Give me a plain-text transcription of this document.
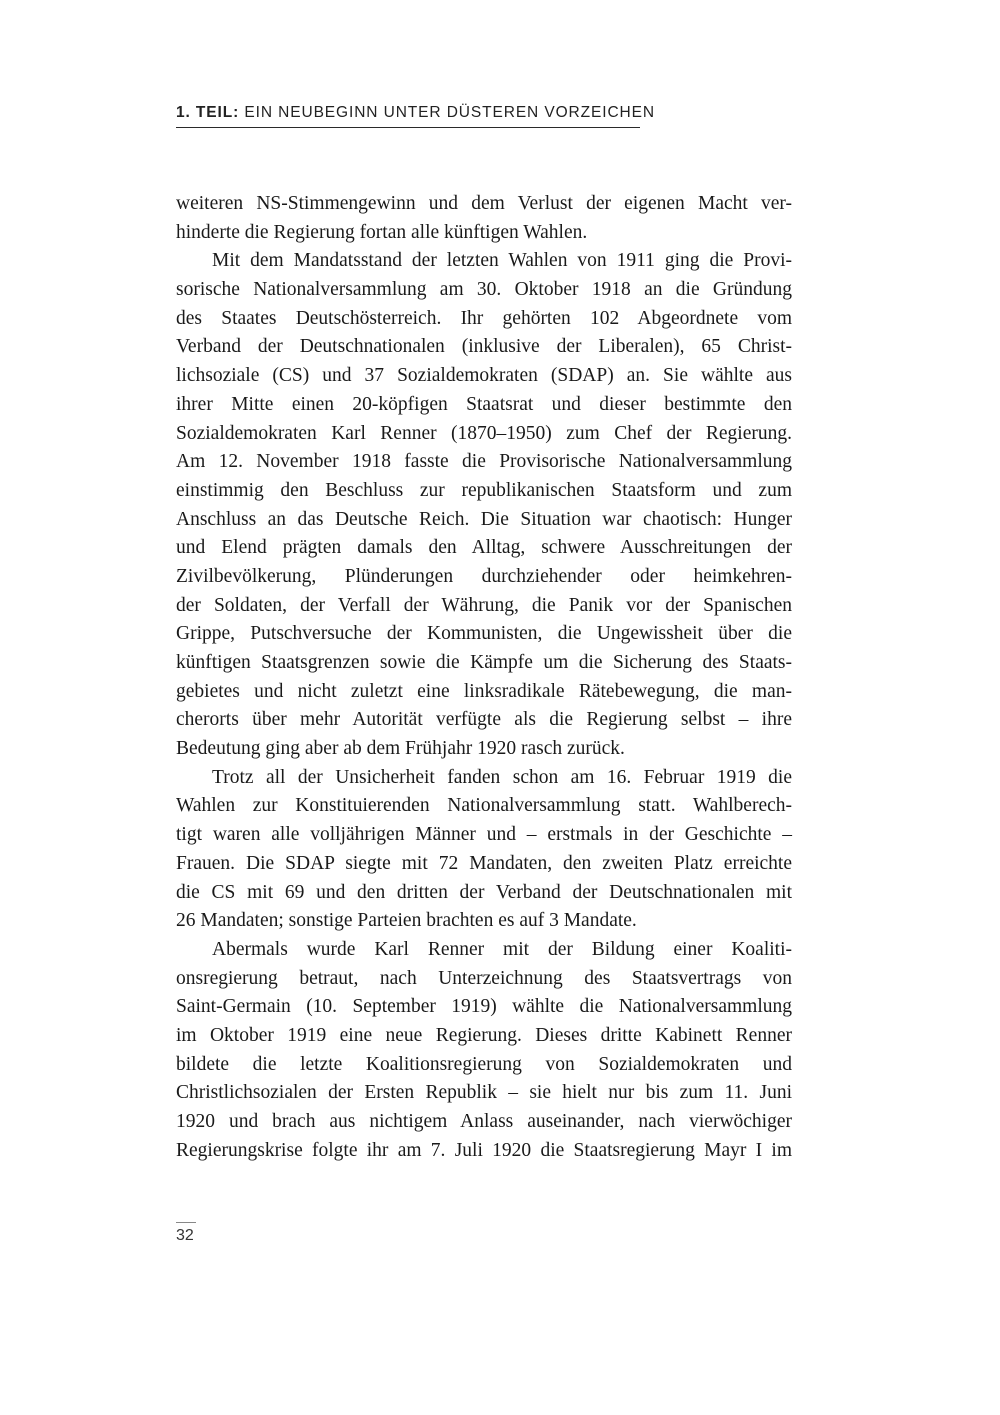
1. TEIL: EIN NEUBEGINN UNTER DÜSTEREN VORZEICHEN
weiteren NS-Stimmengewinn und dem Verlust der eigenen Macht ver-
hinderte die Regierung fortan alle künftigen Wahlen.
Mit dem Mandatsstand der letzten Wahlen von 1911 ging die Provi-
sorische Nationalversammlung am 30. Oktober 1918 an die Gründung
des Staates Deutschösterreich. Ihr gehörten 102 Abgeordnete vom
Verband der Deutschnationalen (inklusive der Liberalen), 65 Christ-
lichsoziale (CS) und 37 Sozialdemokraten (SDAP) an. Sie wählte aus
ihrer Mitte einen 20-köpfigen Staatsrat und dieser bestimmte den
Sozialdemokraten Karl Renner (1870–1950) zum Chef der Regierung.
Am 12. November 1918 fasste die Provisorische Nationalversammlung
einstimmig den Beschluss zur republikanischen Staatsform und zum
Anschluss an das Deutsche Reich. Die Situation war chaotisch: Hunger
und Elend prägten damals den Alltag, schwere Ausschreitungen der
Zivilbevölkerung, Plünderungen durchziehender oder heimkehren-
der Soldaten, der Verfall der Währung, die Panik vor der Spanischen
Grippe, Putschversuche der Kommunisten, die Ungewissheit über die
künftigen Staatsgrenzen sowie die Kämpfe um die Sicherung des Staats-
gebietes und nicht zuletzt eine linksradikale Rätebewegung, die man-
cherorts über mehr Autorität verfügte als die Regierung selbst – ihre
Bedeutung ging aber ab dem Frühjahr 1920 rasch zurück.
Trotz all der Unsicherheit fanden schon am 16. Februar 1919 die
Wahlen zur Konstituierenden Nationalversammlung statt. Wahlberech-
tigt waren alle volljährigen Männer und – erstmals in der Geschichte –
Frauen. Die SDAP siegte mit 72 Mandaten, den zweiten Platz erreichte
die CS mit 69 und den dritten der Verband der Deutschnationalen mit
26 Mandaten; sonstige Parteien brachten es auf 3 Mandate.
Abermals wurde Karl Renner mit der Bildung einer Koaliti-
onsregierung betraut, nach Unterzeichnung des Staatsvertrags von
Saint-Germain (10. September 1919) wählte die Nationalversammlung
im Oktober 1919 eine neue Regierung. Dieses dritte Kabinett Renner
bildete die letzte Koalitionsregierung von Sozialdemokraten und
Christlichsozialen der Ersten Republik – sie hielt nur bis zum 11. Juni
1920 und brach aus nichtigem Anlass auseinander, nach vierwöchiger
Regierungskrise folgte ihr am 7. Juli 1920 die Staatsregierung Mayr I im
32
